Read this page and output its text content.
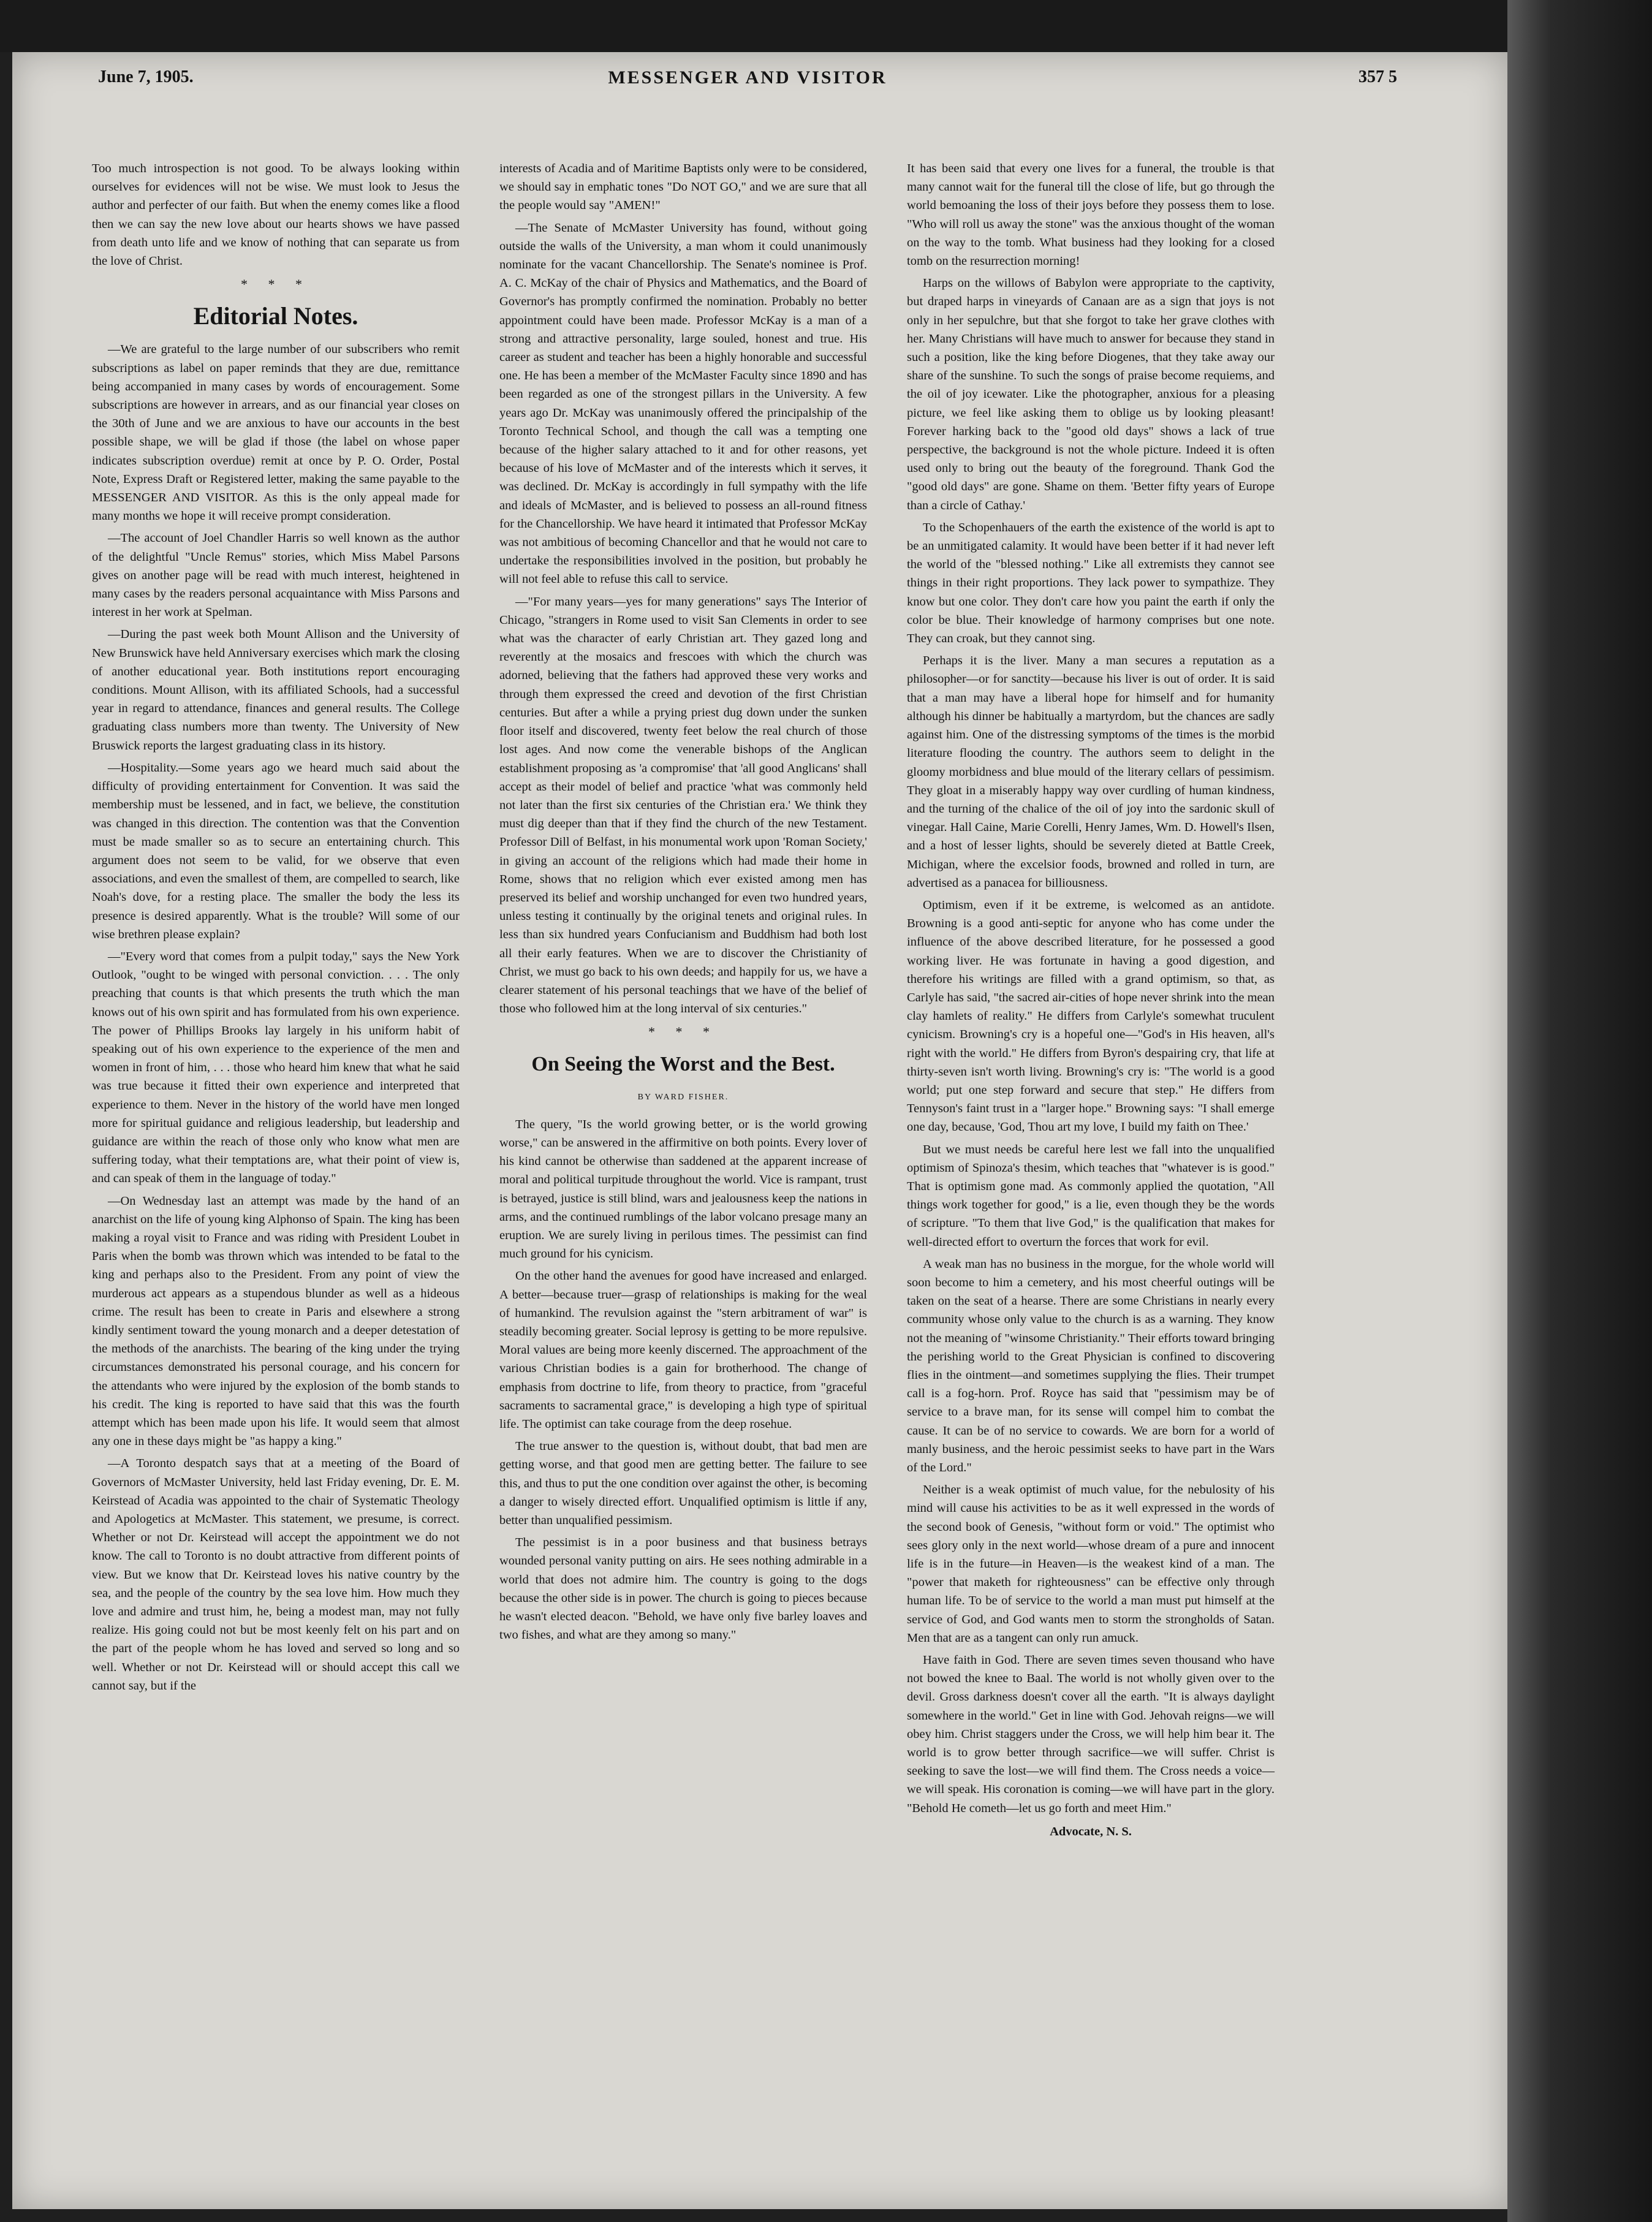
June 7, 1905.	MESSENGER AND VISITOR	357 5

Too much introspection is not good. To be always looking within ourselves for evidences will not be wise. We must look to Jesus the author and perfecter of our faith. But when the enemy comes like a flood then we can say the new love about our hearts shows we have passed from death unto life and we know of nothing that can separate us from the love of Christ.

* * *
Editorial Notes.

—We are grateful to the large number of our subscribers who remit subscriptions as label on paper reminds that they are due, remittance being accompanied in many cases by words of encouragement. Some subscriptions are however in arrears, and as our financial year closes on the 30th of June and we are anxious to have our accounts in the best possible shape, we will be glad if those (the label on whose paper indicates subscription overdue) remit at once by P. O. Order, Postal Note, Express Draft or Registered letter, making the same payable to the MESSENGER AND VISITOR. As this is the only appeal made for many months we hope it will receive prompt consideration.

—The account of Joel Chandler Harris so well known as the author of the delightful "Uncle Remus" stories, which Miss Mabel Parsons gives on another page will be read with much interest, heightened in many cases by the readers personal acquaintance with Miss Parsons and interest in her work at Spelman.

—During the past week both Mount Allison and the University of New Brunswick have held Anniversary exercises which mark the closing of another educational year. Both institutions report encouraging conditions. Mount Allison, with its affiliated Schools, had a successful year in regard to attendance, finances and general results. The College graduating class numbers more than twenty. The University of New Bruswick reports the largest graduating class in its history.

—Hospitality.—Some years ago we heard much said about the difficulty of providing entertainment for Convention. It was said the membership must be lessened, and in fact, we believe, the constitution was changed in this direction. The contention was that the Convention must be made smaller so as to secure an entertaining church. This argument does not seem to be valid, for we observe that even associations, and even the smallest of them, are compelled to search, like Noah's dove, for a resting place. The smaller the body the less its presence is desired apparently. What is the trouble? Will some of our wise brethren please explain?

—"Every word that comes from a pulpit today," says the New York Outlook, "ought to be winged with personal conviction. . . . The only preaching that counts is that which presents the truth which the man knows out of his own spirit and has formulated from his own experience. The power of Phillips Brooks lay largely in his uniform habit of speaking out of his own experience to the experience of the men and women in front of him, . . . those who heard him knew that what he said was true because it fitted their own experience and interpreted that experience to them. Never in the history of the world have men longed more for spiritual guidance and religious leadership, but leadership and guidance are within the reach of those only who know what men are suffering today, what their temptations are, what their point of view is, and can speak of them in the language of today."

—On Wednesday last an attempt was made by the hand of an anarchist on the life of young king Alphonso of Spain. The king has been making a royal visit to France and was riding with President Loubet in Paris when the bomb was thrown which was intended to be fatal to the king and perhaps also to the President. From any point of view the murderous act appears as a stupendous blunder as well as a hideous crime. The result has been to create in Paris and elsewhere a strong kindly sentiment toward the young monarch and a deeper detestation of the methods of the anarchists. The bearing of the king under the trying circumstances demonstrated his personal courage, and his concern for the attendants who were injured by the explosion of the bomb stands to his credit. The king is reported to have said that this was the fourth attempt which has been made upon his life. It would seem that almost any one in these days might be "as happy a king."

—A Toronto despatch says that at a meeting of the Board of Governors of McMaster University, held last Friday evening, Dr. E. M. Keirstead of Acadia was appointed to the chair of Systematic Theology and Apologetics at McMaster. This statement, we presume, is correct. Whether or not Dr. Keirstead will accept the appointment we do not know. The call to Toronto is no doubt attractive from different points of view. But we know that Dr. Keirstead loves his native country by the sea, and the people of the country by the sea love him. How much they love and admire and trust him, he, being a modest man, may not fully realize. His going could not but be most keenly felt on his part and on the part of the people whom he has loved and served so long and so well. Whether or not Dr. Keirstead will or should accept this call we cannot say, but if the

interests of Acadia and of Maritime Baptists only were to be considered, we should say in emphatic tones "Do NOT GO," and we are sure that all the people would say "AMEN!"

—The Senate of McMaster University has found, without going outside the walls of the University, a man whom it could unanimously nominate for the vacant Chancellorship. The Senate's nominee is Prof. A. C. McKay of the chair of Physics and Mathematics, and the Board of Governor's has promptly confirmed the nomination. Probably no better appointment could have been made. Professor McKay is a man of a strong and attractive personality, large souled, honest and true. His career as student and teacher has been a highly honorable and successful one. He has been a member of the McMaster Faculty since 1890 and has been regarded as one of the strongest pillars in the University. A few years ago Dr. McKay was unanimously offered the principalship of the Toronto Technical School, and though the call was a tempting one because of the higher salary attached to it and for other reasons, yet because of his love of McMaster and of the interests which it serves, it was declined. Dr. McKay is accordingly in full sympathy with the life and ideals of McMaster, and is believed to possess an all-round fitness for the Chancellorship. We have heard it intimated that Professor McKay was not ambitious of becoming Chancellor and that he would not care to undertake the responsibilities involved in the position, but probably he will not feel able to refuse this call to service.

—"For many years—yes for many generations" says The Interior of Chicago, "strangers in Rome used to visit San Clements in order to see what was the character of early Christian art. They gazed long and reverently at the mosaics and frescoes with which the church was adorned, believing that the fathers had approved these very works and through them expressed the creed and devotion of the first Christian centuries. But after a while a prying priest dug down under the sunken floor itself and discovered, twenty feet below the real church of those lost ages. And now come the venerable bishops of the Anglican establishment proposing as 'a compromise' that 'all good Anglicans' shall accept as their model of belief and practice 'what was commonly held not later than the first six centuries of the Christian era.' We think they must dig deeper than that if they find the church of the new Testament. Professor Dill of Belfast, in his monumental work upon 'Roman Society,' in giving an account of the religions which had made their home in Rome, shows that no religion which ever existed among men has preserved its belief and worship unchanged for even two hundred years, unless testing it continually by the original tenets and original rules. In less than six hundred years Confucianism and Buddhism had both lost all their early features. When we are to discover the Christianity of Christ, we must go back to his own deeds; and happily for us, we have a clearer statement of his personal teachings that we have of the belief of those who followed him at the long interval of six centuries."

* * *
On Seeing the Worst and the Best.
BY WARD FISHER.

The query, "Is the world growing better, or is the world growing worse," can be answered in the affirmitive on both points. Every lover of his kind cannot be otherwise than saddened at the apparent increase of moral and political turpitude throughout the world. Vice is rampant, trust is betrayed, justice is still blind, wars and jealousness keep the nations in arms, and the continued rumblings of the labor volcano presage many an eruption. We are surely living in perilous times. The pessimist can find much ground for his cynicism.

On the other hand the avenues for good have increased and enlarged. A better—because truer—grasp of relationships is making for the weal of humankind. The revulsion against the "stern arbitrament of war" is steadily becoming greater. Social leprosy is getting to be more repulsive. Moral values are being more keenly discerned. The approachment of the various Christian bodies is a gain for brotherhood. The change of emphasis from doctrine to life, from theory to practice, from "graceful sacraments to sacramental grace," is developing a high type of spiritual life. The optimist can take courage from the deep rosehue.

The true answer to the question is, without doubt, that bad men are getting worse, and that good men are getting better. The failure to see this, and thus to put the one condition over against the other, is becoming a danger to wisely directed effort. Unqualified optimism is little if any, better than unqualified pessimism.

The pessimist is in a poor business and that business betrays wounded personal vanity putting on airs. He sees nothing admirable in a world that does not admire him. The country is going to the dogs because the other side is in power. The church is going to pieces because he wasn't elected deacon. "Behold, we have only five barley loaves and two fishes, and what are they among so many."

It has been said that every one lives for a funeral, the trouble is that many cannot wait for the funeral till the close of life, but go through the world bemoaning the loss of their joys before they possess them to lose. "Who will roll us away the stone" was the anxious thought of the woman on the way to the tomb. What business had they looking for a closed tomb on the resurrection morning!

Harps on the willows of Babylon were appropriate to the captivity, but draped harps in vineyards of Canaan are as a sign that joys is not only in her sepulchre, but that she forgot to take her grave clothes with her. Many Christians will have much to answer for because they stand in such a position, like the king before Diogenes, that they take away our share of the sunshine. To such the songs of praise become requiems, and the oil of joy icewater. Like the photographer, anxious for a pleasing picture, we feel like asking them to oblige us by looking pleasant! Forever harking back to the "good old days" shows a lack of true perspective, the background is not the whole picture. Indeed it is often used only to bring out the beauty of the foreground. Thank God the "good old days" are gone. Shame on them. 'Better fifty years of Europe than a circle of Cathay.'

To the Schopenhauers of the earth the existence of the world is apt to be an unmitigated calamity. It would have been better if it had never left the world of the "blessed nothing." Like all extremists they cannot see things in their right proportions. They lack power to sympathize. They know but one color. They don't care how you paint the earth if only the color be blue. Their knowledge of harmony comprises but one note. They can croak, but they cannot sing.

Perhaps it is the liver. Many a man secures a reputation as a philosopher—or for sanctity—because his liver is out of order. It is said that a man may have a liberal hope for himself and for humanity although his dinner be habitually a martyrdom, but the chances are sadly against him. One of the distressing symptoms of the times is the morbid literature flooding the country. The authors seem to delight in the gloomy morbidness and blue mould of the literary cellars of pessimism. They gloat in a miserably happy way over curdling of human kindness, and the turning of the chalice of the oil of joy into the sardonic skull of vinegar. Hall Caine, Marie Corelli, Henry James, Wm. D. Howell's Ilsen, and a host of lesser lights, should be severely dieted at Battle Creek, Michigan, where the excelsior foods, browned and rolled in turn, are advertised as a panacea for billiousness.

Optimism, even if it be extreme, is welcomed as an antidote. Browning is a good anti-septic for anyone who has come under the influence of the above described literature, for he possessed a good working liver. He was fortunate in having a good digestion, and therefore his writings are filled with a grand optimism, so that, as Carlyle has said, "the sacred air-cities of hope never shrink into the mean clay hamlets of reality." He differs from Carlyle's somewhat truculent cynicism. Browning's cry is a hopeful one—"God's in His heaven, all's right with the world." He differs from Byron's despairing cry, that life at thirty-seven isn't worth living. Browning's cry is: "The world is a good world; put one step forward and secure that step." He differs from Tennyson's faint trust in a "larger hope." Browning says: "I shall emerge one day, because, 'God, Thou art my love, I build my faith on Thee.'

But we must needs be careful here lest we fall into the unqualified optimism of Spinoza's thesim, which teaches that "whatever is is good." That is optimism gone mad. As commonly applied the quotation, "All things work together for good," is a lie, even though they be the words of scripture. "To them that live God," is the qualification that makes for well-directed effort to overturn the forces that work for evil.

A weak man has no business in the morgue, for the whole world will soon become to him a cemetery, and his most cheerful outings will be taken on the seat of a hearse. There are some Christians in nearly every community whose only value to the church is as a warning. They know not the meaning of "winsome Christianity." Their efforts toward bringing the perishing world to the Great Physician is confined to discovering flies in the ointment—and sometimes supplying the flies. Their trumpet call is a fog-horn. Prof. Royce has said that "pessimism may be of service to a brave man, for its sense will compel him to combat the cause. It can be of no service to cowards. We are born for a world of manly business, and the heroic pessimist seeks to have part in the Wars of the Lord."

Neither is a weak optimist of much value, for the nebulosity of his mind will cause his activities to be as it well expressed in the words of the second book of Genesis, "without form or void." The optimist who sees glory only in the next world—whose dream of a pure and innocent life is in the future—in Heaven—is the weakest kind of a man. The "power that maketh for righteousness" can be effective only through human life. To be of service to the world a man must put himself at the service of God, and God wants men to storm the strongholds of Satan. Men that are as a tangent can only run amuck.

Have faith in God. There are seven times seven thousand who have not bowed the knee to Baal. The world is not wholly given over to the devil. Gross darkness doesn't cover all the earth. "It is always daylight somewhere in the world." Get in line with God. Jehovah reigns—we will obey him. Christ staggers under the Cross, we will help him bear it. The world is to grow better through sacrifice—we will suffer. Christ is seeking to save the lost—we will find them. The Cross needs a voice—we will speak. His coronation is coming—we will have part in the glory. "Behold He cometh—let us go forth and meet Him."

Advocate, N. S.
